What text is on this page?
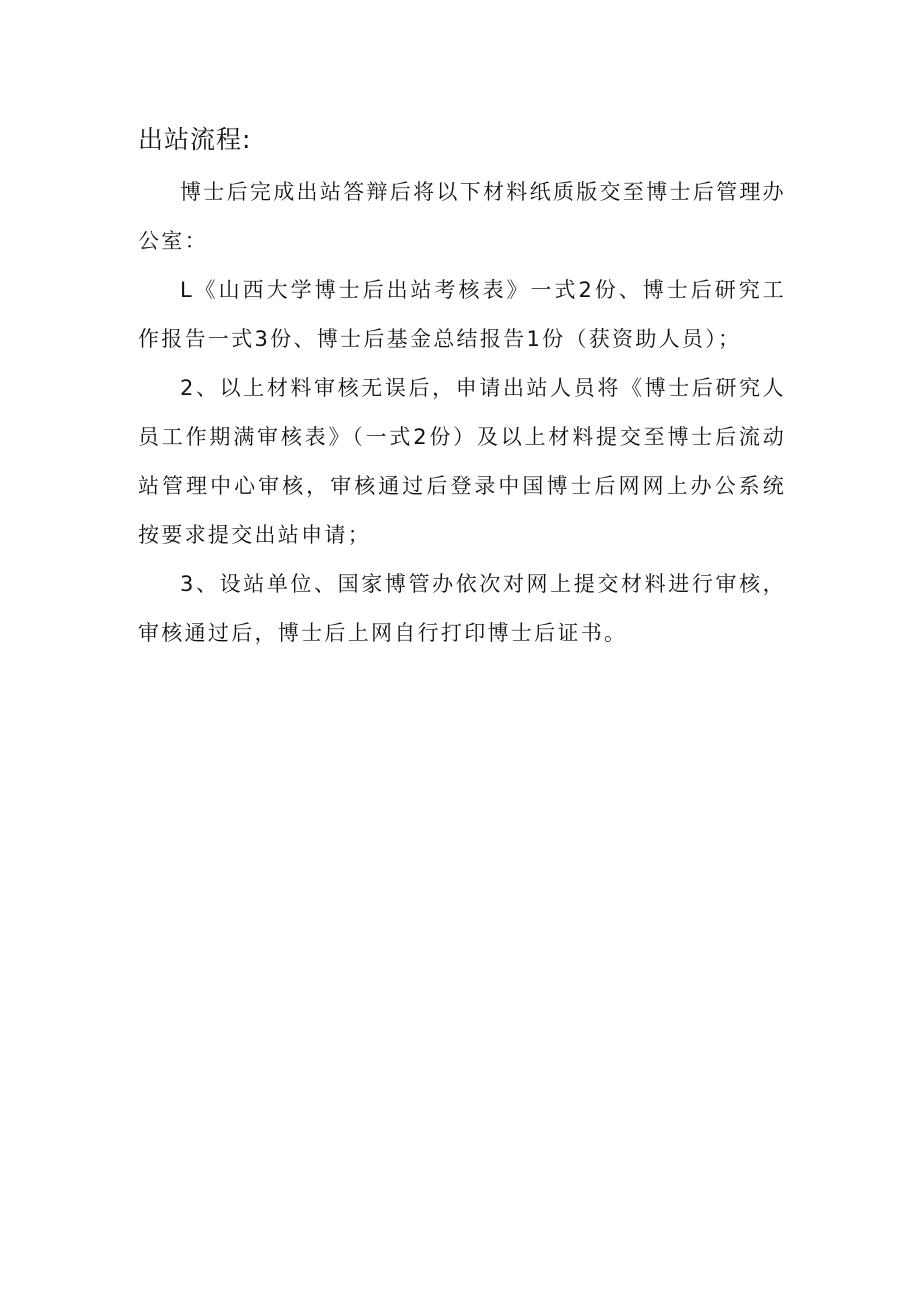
出站流程:

博士后完成出站答辩后将以下材料纸质版交至博士后管理办公室：

L《山西大学博士后出站考核表》一式2份、博士后研究工作报告一式3份、博士后基金总结报告1份（获资助人员）；

2、以上材料审核无误后，申请出站人员将《博士后研究人员工作期满审核表》（一式2份）及以上材料提交至博士后流动站管理中心审核，审核通过后登录中国博士后网网上办公系统按要求提交出站申请；

3、设站单位、国家博管办依次对网上提交材料进行审核，审核通过后，博士后上网自行打印博士后证书。
